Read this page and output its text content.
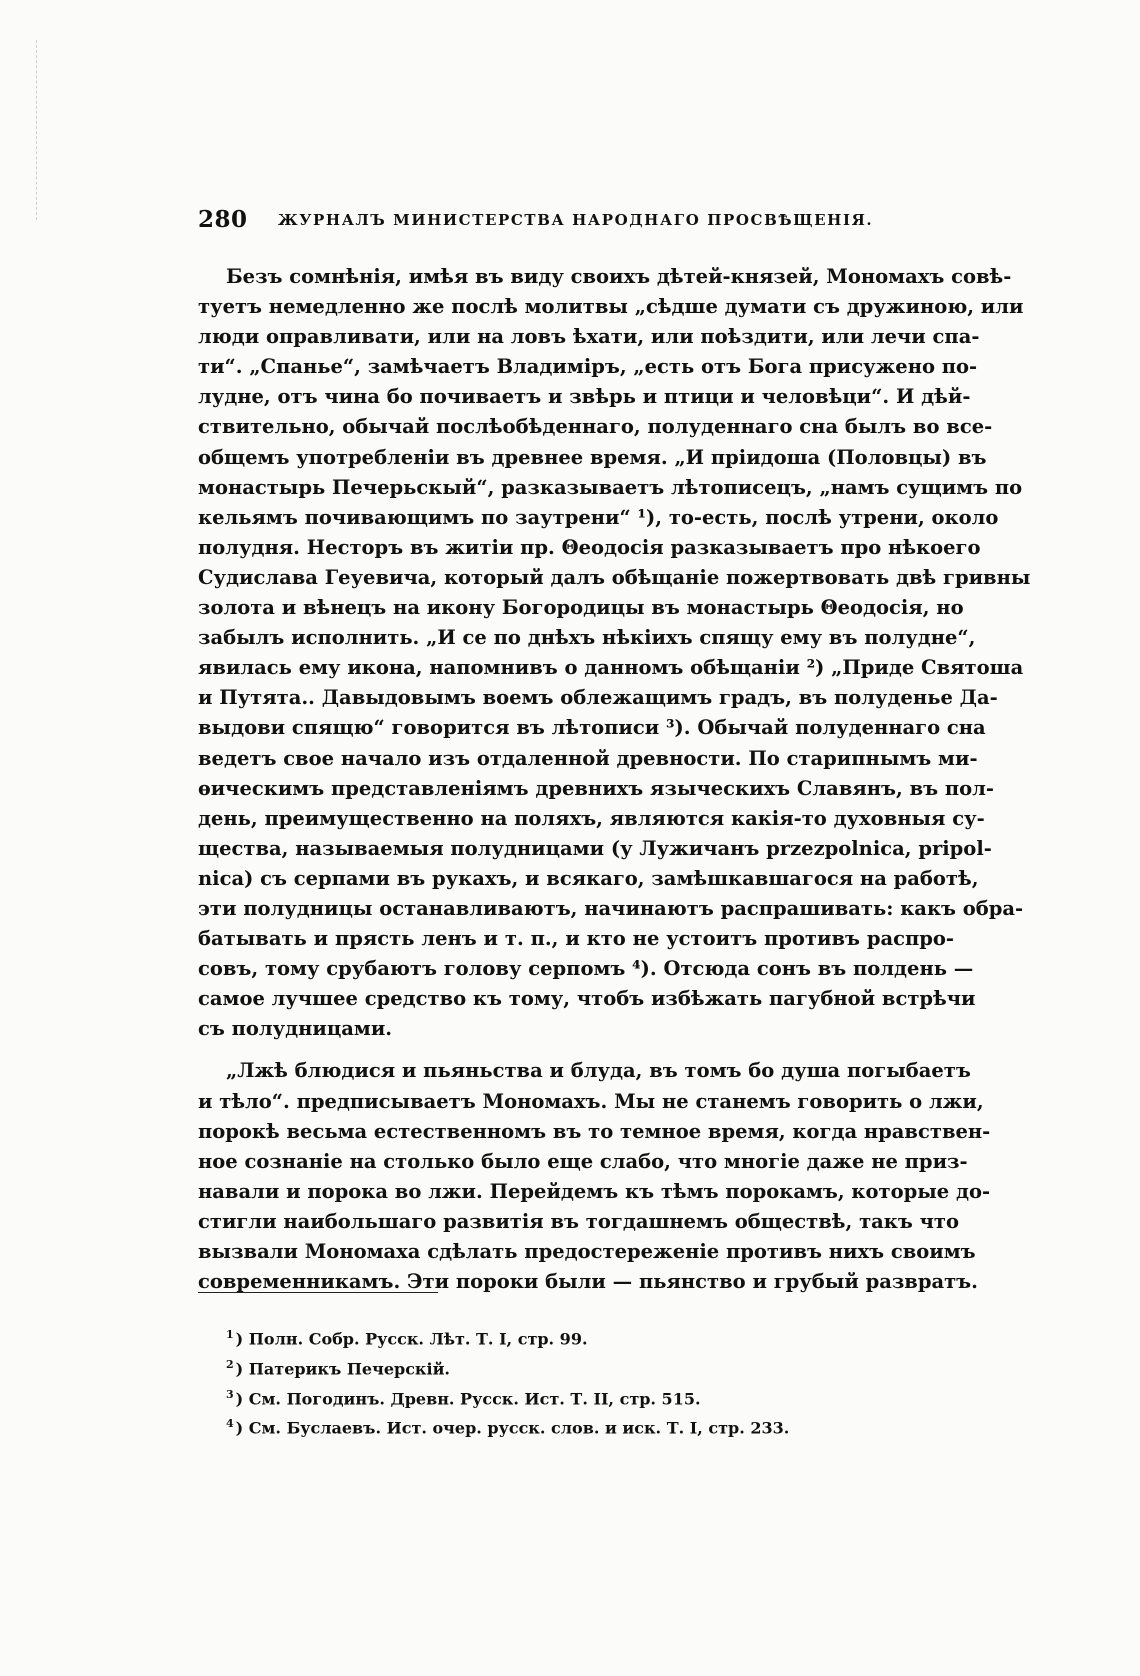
280 ЖУРНАЛЪ МИНИСТЕРСТВА НАРОДНАГО ПРОСВѢЩЕНІЯ.

Безъ сомнѣнія, имѣя въ виду своихъ дѣтей-князей, Мономахъ совѣ-

туетъ немедленно же послѣ молитвы „сѣдше думати съ дружиною, или

люди оправливати, или на ловъ ѣхати, или поѣздити, или лечи спа-

ти“. „Спанье“, замѣчаетъ Владиміръ, „есть отъ Бога присужено по-

лудне, отъ чина бо почиваетъ и звѣрь и птици и человѣци“. И дѣй-

ствительно, обычай послѣобѣденнаго, полуденнаго сна былъ во все-

общемъ употребленіи въ древнее время. „И пріидоша (Половцы) въ

монастырь Печерьскый“, разказываетъ лѣтописецъ, „намъ сущимъ по

кельямъ почивающимъ по заутрени“ ¹), то-есть, послѣ утрени, около

полудня. Несторъ въ житіи пр. Θеодосія разказываетъ про нѣкоего

Судислава Геуевича, который далъ обѣщаніе пожертвовать двѣ гривны

золота и вѣнецъ на икону Богородицы въ монастырь Θеодосія, но

забылъ исполнить. „И се по днѣхъ нѣкіихъ спящу ему въ полудне“,

явилась ему икона, напомнивъ о данномъ обѣщаніи ²) „Приде Святоша

и Путята.. Давыдовымъ воемъ облежащимъ градъ, въ полуденье Да-

выдови спящю“ говорится въ лѣтописи ³). Обычай полуденнаго сна

ведетъ свое начало изъ отдаленной древности. По старипнымъ ми-

ѳическимъ представленіямъ древнихъ языческихъ Славянъ, въ пол-

день, преимущественно на поляхъ, являются какія-то духовныя су-

щества, называемыя полудницами (у Лужичанъ przezpolnica, pripol-

nica) съ серпами въ рукахъ, и всякаго, замѣшкавшагося на работѣ,

эти полудницы останавливаютъ, начинаютъ распрашивать: какъ обра-

батывать и прясть ленъ и т. п., и кто не устоитъ противъ распро-

совъ, тому срубаютъ голову серпомъ ⁴). Отсюда сонъ въ полдень —

самое лучшее средство къ тому, чтобъ избѣжать пагубной встрѣчи

съ полудницами.

„Лжѣ блюдися и пьяньства и блуда, въ томъ бо душа погыбаетъ

и тѣло“. предписываетъ Мономахъ. Мы не станемъ говорить о лжи,

порокѣ весьма естественномъ въ то темное время, когда нравствен-

ное сознаніе на столько было еще слабо, что многіе даже не приз-

навали и порока во лжи. Перейдемъ къ тѣмъ порокамъ, которые до-

стигли наибольшаго развитія въ тогдашнемъ обществѣ, такъ что

вызвали Мономаха сдѣлать предостереженіе противъ нихъ своимъ

современникамъ. Эти пороки были — пьянство и грубый развратъ.

$^1$ ) Полн. Собр. Русск. Лѣт. Т. I, стр. 99.
$^2$ ) Патерикъ Печерскій.
$^3$ ) См. Погодинъ. Древн. Русск. Ист. Т. II, стр. 515.
$^4$ ) См. Буслаевъ. Ист. очер. русск. слов. и иск. Т. I, стр. 233.
